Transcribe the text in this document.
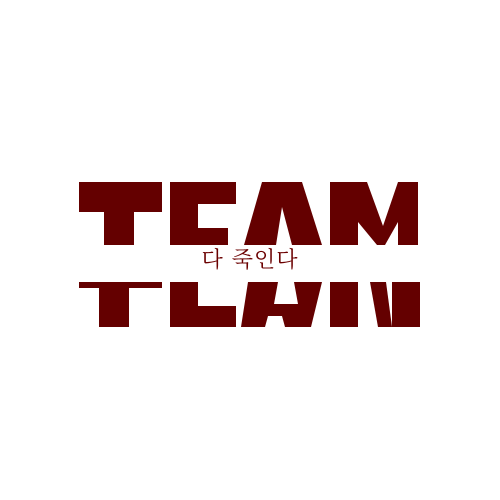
다 죽인다
